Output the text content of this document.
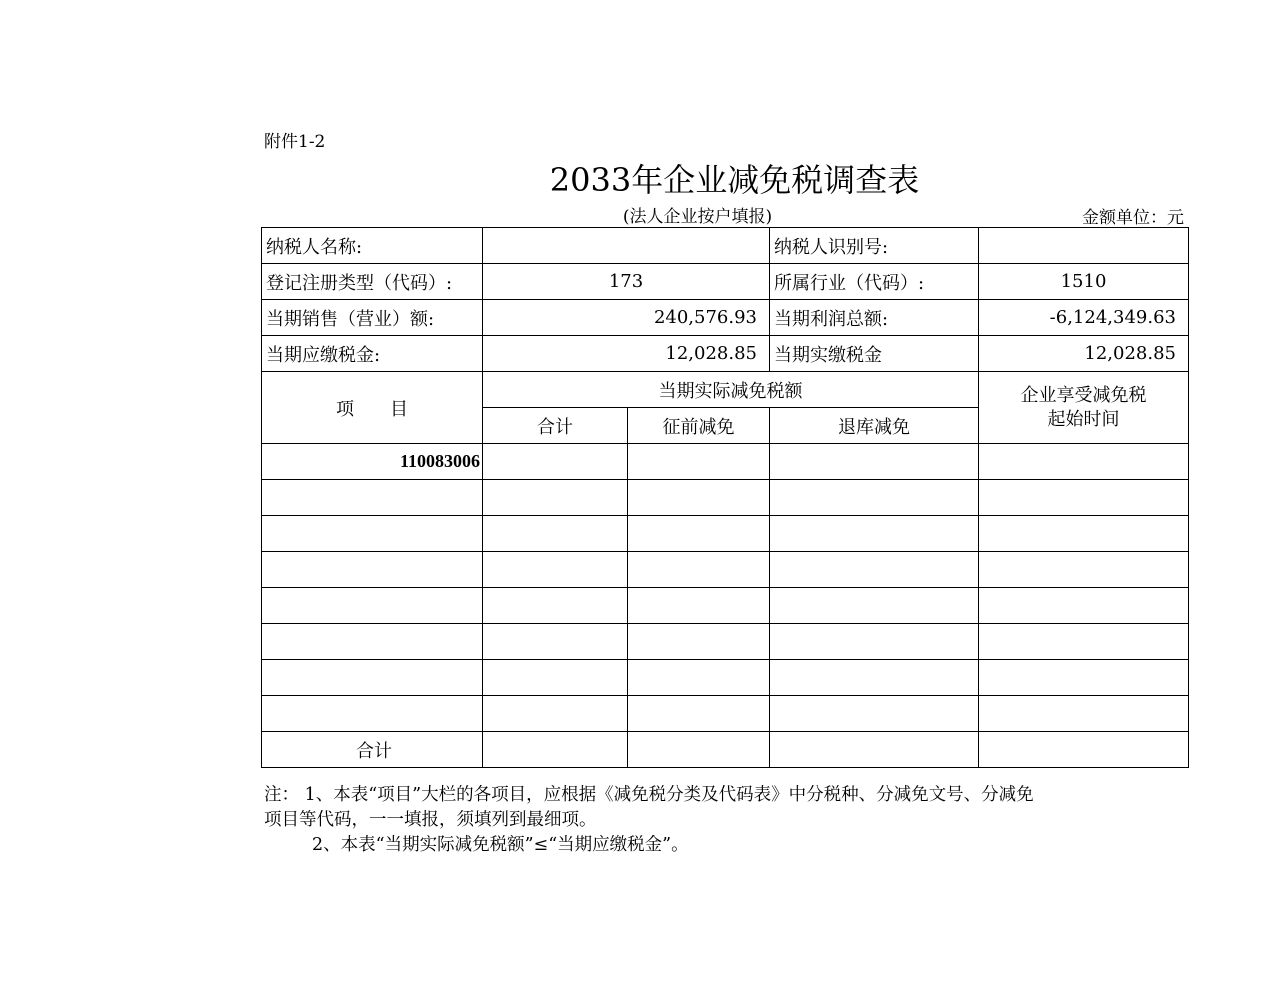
附件1-2
2033年企业减免税调查表
(法人企业按户填报)	金额单位：元
纳税人名称:			纳税人识别号:	
登记注册类型（代码）:	173		所属行业（代码）:	1510
当期销售（营业）额:	240,576.93		当期利润总额:	-6,124,349.63
当期应缴税金:	12,028.85		当期实缴税金	12,028.85
项　　目	当期实际减免税额			企业享受减免税
起始时间

	合计	征前减免	退库减免	
110083006				

合计				
注： 1、本表“项目”大栏的各项目，应根据《减免税分类及代码表》中分税种、分减免文号、分减免
项目等代码，一一填报，须填列到最细项。
2、本表“当期实际减免税额”≤“当期应缴税金”。
